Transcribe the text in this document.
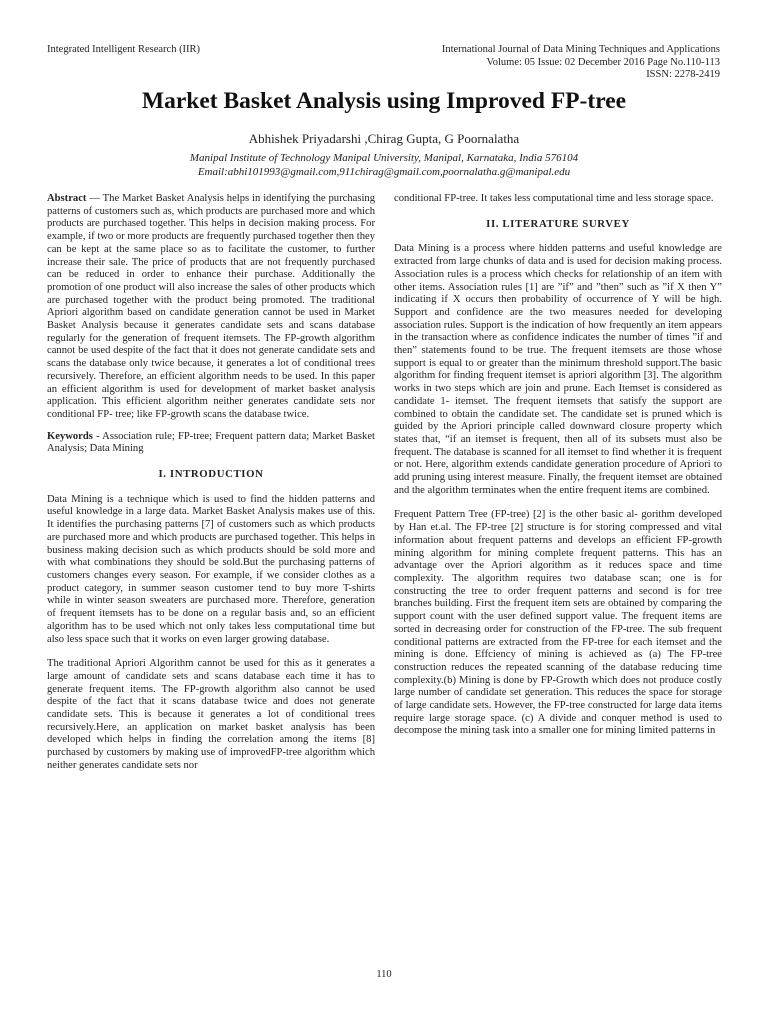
Integrated Intelligent Research (IIR)	International Journal of Data Mining Techniques and Applications
Volume: 05 Issue: 02 December 2016 Page No.110-113
ISSN: 2278-2419
Market Basket Analysis using Improved FP-tree
Abhishek Priyadarshi ,Chirag Gupta, G Poornalatha
Manipal Institute of Technology Manipal University, Manipal, Karnataka, India 576104
Email:abhi101993@gmail.com,911chirag@gmail.com,poornalatha.g@manipal.edu

Abstract — The Market Basket Analysis helps in identifying the purchasing patterns of customers such as, which products are purchased more and which products are purchased together. This helps in decision making process. For example, if two or more products are frequently purchased together then they can be kept at the same place so as to facilitate the customer, to further increase their sale. The price of products that are not frequently purchased can be reduced in order to enhance their purchase. Additionally the promotion of one product will also increase the sales of other products which are purchased together with the product being promoted. The traditional Apriori algorithm based on candidate generation cannot be used in Market Basket Analysis because it generates candidate sets and scans database regularly for the generation of frequent itemsets. The FP-growth algorithm cannot be used despite of the fact that it does not generate candidate sets and scans the database only twice because, it generates a lot of conditional trees recursively. Therefore, an efficient algorithm needs to be used. In this paper an efficient algorithm is used for development of market basket analysis application. This efficient algorithm neither generates candidate sets nor conditional FP- tree; like FP-growth scans the database twice.

Keywords - Association rule; FP-tree; Frequent pattern data; Market Basket Analysis; Data Mining

I. INTRODUCTION

Data Mining is a technique which is used to find the hidden patterns and useful knowledge in a large data. Market Basket Analysis makes use of this. It identifies the purchasing patterns [7] of customers such as which products are purchased more and which products are purchased together. This helps in business making decision such as which products should be sold more and with what combinations they should be sold.But the purchasing patterns of customers changes every season. For example, if we consider clothes as a product category, in summer season customer tend to buy more T-shirts while in winter season sweaters are purchased more. Therefore, generation of frequent itemsets has to be done on a regular basis and, so an efficient algorithm has to be used which not only takes less computational time but also less space such that it works on even larger growing database.

The traditional Apriori Algorithm cannot be used for this as it generates a large amount of candidate sets and scans database each time it has to generate frequent items. The FP-growth algorithm also cannot be used despite of the fact that it scans database twice and does not generate candidate sets. This is because it generates a lot of conditional trees recursively.Here, an application on market basket analysis has been developed which helps in finding the correlation among the items [8] purchased by customers by making use of improvedFP-tree algorithm which neither generates candidate sets nor

conditional FP-tree. It takes less computational time and less storage space.

II. LITERATURE SURVEY

Data Mining is a process where hidden patterns and useful knowledge are extracted from large chunks of data and is used for decision making process. Association rules is a process which checks for relationship of an item with other items. Association rules [1] are ”if” and ”then” such as ”if X then Y” indicating if X occurs then probability of occurrence of Y will be high. Support and confidence are the two measures needed for developing association rules. Support is the indication of how frequently an item appears in the transaction where as confidence indicates the number of times ”if and then” statements found to be true. The frequent itemsets are those whose support is equal to or greater than the minimum threshold support.The basic algorithm for finding frequent itemset is apriori algorithm [3]. The algorithm works in two steps which are join and prune. Each Itemset is considered as candidate 1- itemset. The frequent itemsets that satisfy the support are combined to obtain the candidate set. The candidate set is pruned which is guided by the Apriori principle called downward closure property which states that, “if an itemset is frequent, then all of its subsets must also be frequent. The database is scanned for all itemset to find whether it is frequent or not. Here, algorithm extends candidate generation procedure of Apriori to add pruning using interest measure. Finally, the frequent itemset are obtained and the algorithm terminates when the entire frequent items are combined.

Frequent Pattern Tree (FP-tree) [2] is the other basic al- gorithm developed by Han et.al. The FP-tree [2] structure is for storing compressed and vital information about frequent patterns and develops an efficient FP-growth mining algorithm for mining complete frequent patterns. This has an advantage over the Apriori algorithm as it reduces space and time complexity. The algorithm requires two database scan; one is for constructing the tree to order frequent patterns and second is for tree branches building. First the frequent item sets are obtained by comparing the support count with the user defined support value. The frequent items are sorted in decreasing order for construction of the FP-tree. The sub frequent conditional patterns are extracted from the FP-tree for each itemset and the mining is done. Effciency of mining is achieved as (a) The FP-tree construction reduces the repeated scanning of the database reducing time complexity.(b) Mining is done by FP-Growth which does not produce costly large number of candidate set generation. This reduces the space for storage of large candidate sets. However, the FP-tree constructed for large data items require large storage space. (c) A divide and conquer method is used to decompose the mining task into a smaller one for mining limited patterns in

110
